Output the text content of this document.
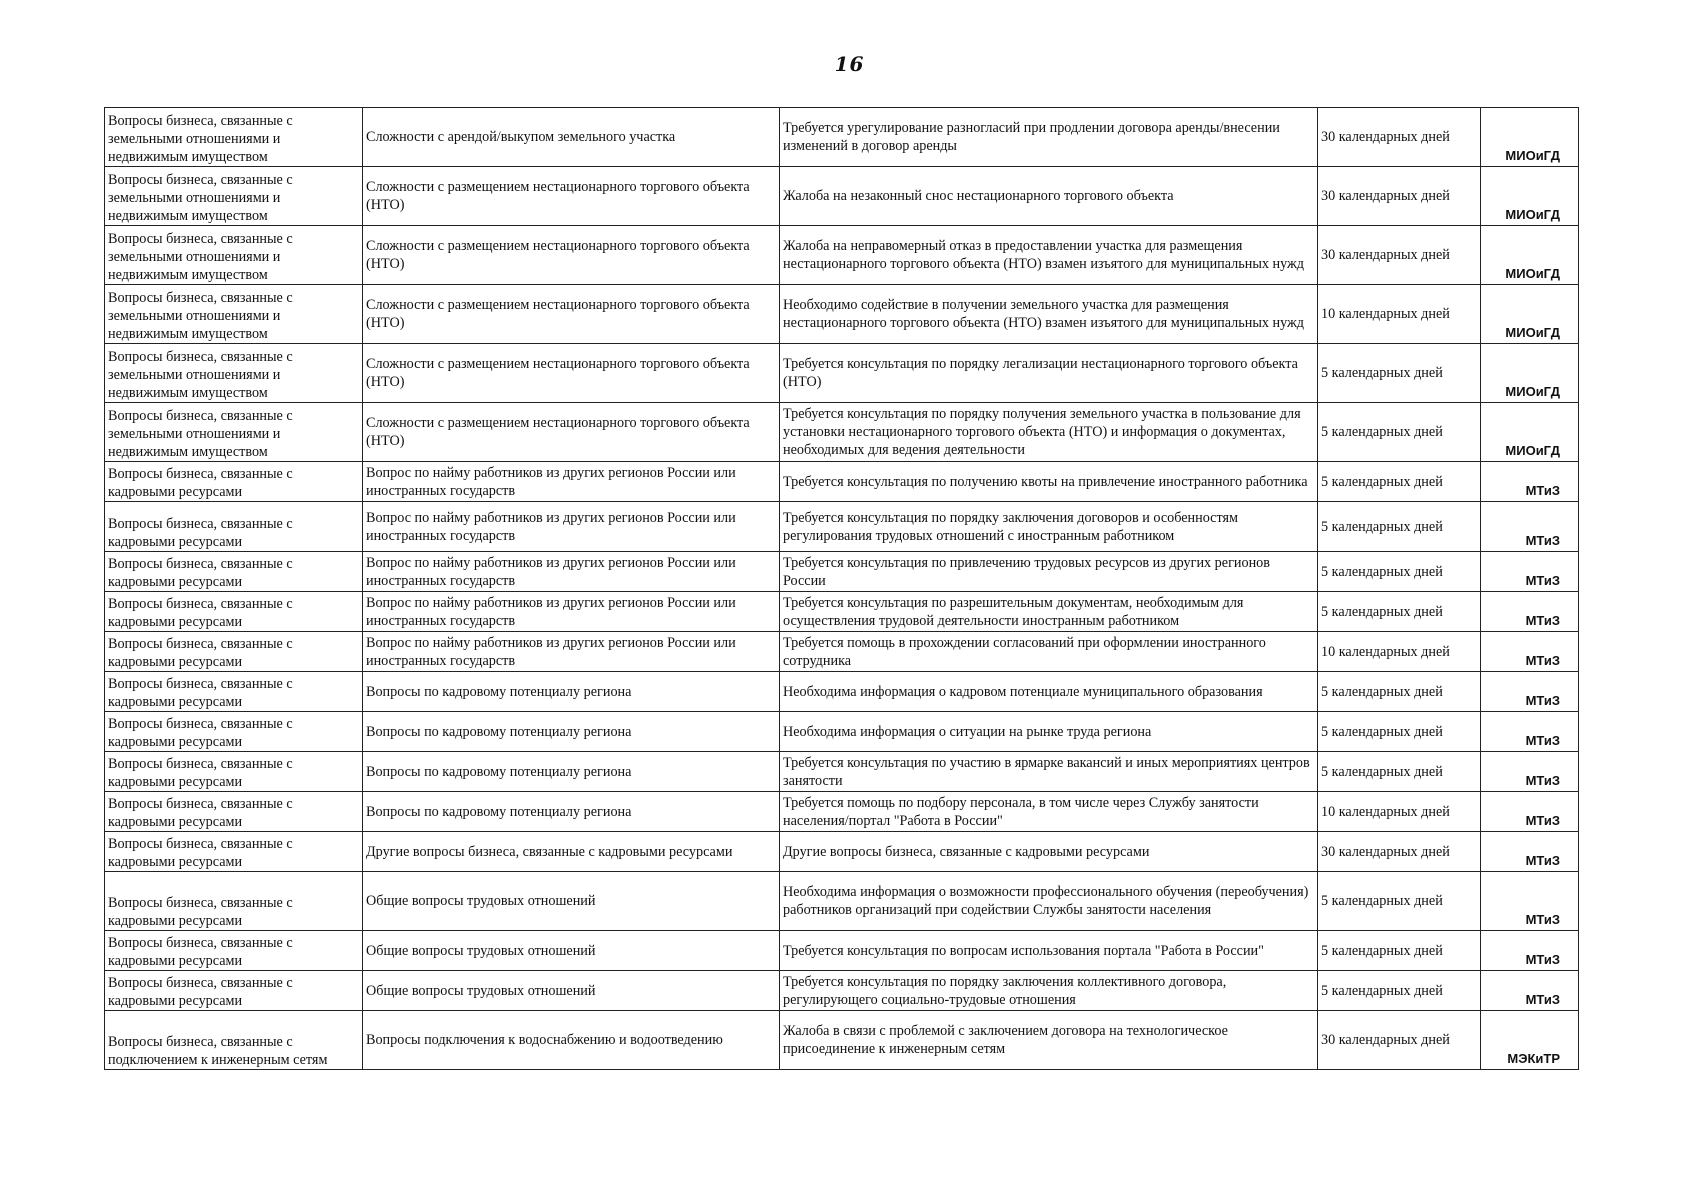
16
Вопросы бизнеса, связанные с земельными отношениями и недвижимым имуществом	Сложности с арендой/выкупом земельного участка	Требуется урегулирование разногласий при продлении договора аренды/внесении изменений в договор аренды	30 календарных дней	МИОиГД
Вопросы бизнеса, связанные с земельными отношениями и недвижимым имуществом	Сложности с размещением нестационарного торгового объекта (НТО)	Жалоба на незаконный снос нестационарного торгового объекта	30 календарных дней	МИОиГД
Вопросы бизнеса, связанные с земельными отношениями и недвижимым имуществом	Сложности с размещением нестационарного торгового объекта (НТО)	Жалоба на неправомерный отказ в предоставлении участка для размещения нестационарного торгового объекта (НТО) взамен изъятого для муниципальных нужд	30 календарных дней	МИОиГД
Вопросы бизнеса, связанные с земельными отношениями и недвижимым имуществом	Сложности с размещением нестационарного торгового объекта (НТО)	Необходимо содействие в получении земельного участка для размещения нестационарного торгового объекта (НТО) взамен изъятого для муниципальных нужд	10 календарных дней	МИОиГД
Вопросы бизнеса, связанные с земельными отношениями и недвижимым имуществом	Сложности с размещением нестационарного торгового объекта (НТО)	Требуется консультация по порядку легализации нестационарного торгового объекта (НТО)	5 календарных дней	МИОиГД
Вопросы бизнеса, связанные с земельными отношениями и недвижимым имуществом	Сложности с размещением нестационарного торгового объекта (НТО)	Требуется консультация по порядку получения земельного участка в пользование для установки нестационарного торгового объекта (НТО) и информация о документах, необходимых для ведения деятельности	5 календарных дней	МИОиГД
Вопросы бизнеса, связанные с кадровыми ресурсами	Вопрос по найму работников из других регионов России или иностранных государств	Требуется консультация по получению квоты на привлечение иностранного работника	5 календарных дней	МТиЗ
Вопросы бизнеса, связанные с кадровыми ресурсами	Вопрос по найму работников из других регионов России или иностранных государств	Требуется консультация по порядку заключения договоров и особенностям регулирования трудовых отношений с иностранным работником	5 календарных дней	МТиЗ
Вопросы бизнеса, связанные с кадровыми ресурсами	Вопрос по найму работников из других регионов России или иностранных государств	Требуется консультация по привлечению трудовых ресурсов из других регионов России	5 календарных дней	МТиЗ
Вопросы бизнеса, связанные с кадровыми ресурсами	Вопрос по найму работников из других регионов России или иностранных государств	Требуется консультация по разрешительным документам, необходимым для осуществления трудовой деятельности иностранным работником	5 календарных дней	МТиЗ
Вопросы бизнеса, связанные с кадровыми ресурсами	Вопрос по найму работников из других регионов России или иностранных государств	Требуется помощь в прохождении согласований при оформлении иностранного сотрудника	10 календарных дней	МТиЗ
Вопросы бизнеса, связанные с кадровыми ресурсами	Вопросы по кадровому потенциалу региона	Необходима информация о кадровом потенциале муниципального образования	5 календарных дней	МТиЗ
Вопросы бизнеса, связанные с кадровыми ресурсами	Вопросы по кадровому потенциалу региона	Необходима информация о ситуации на рынке труда региона	5 календарных дней	МТиЗ
Вопросы бизнеса, связанные с кадровыми ресурсами	Вопросы по кадровому потенциалу региона	Требуется консультация по участию в ярмарке вакансий и иных мероприятиях центров занятости	5 календарных дней	МТиЗ
Вопросы бизнеса, связанные с кадровыми ресурсами	Вопросы по кадровому потенциалу региона	Требуется помощь по подбору персонала, в том числе через Службу занятости населения/портал "Работа в России"	10 календарных дней	МТиЗ
Вопросы бизнеса, связанные с кадровыми ресурсами	Другие вопросы бизнеса, связанные с кадровыми ресурсами	Другие вопросы бизнеса, связанные с кадровыми ресурсами	30 календарных дней	МТиЗ
Вопросы бизнеса, связанные с кадровыми ресурсами	Общие вопросы трудовых отношений	Необходима информация о возможности профессионального обучения (переобучения) работников организаций при содействии Службы занятости населения	5 календарных дней	МТиЗ
Вопросы бизнеса, связанные с кадровыми ресурсами	Общие вопросы трудовых отношений	Требуется консультация по вопросам использования портала "Работа в России"	5 календарных дней	МТиЗ
Вопросы бизнеса, связанные с кадровыми ресурсами	Общие вопросы трудовых отношений	Требуется консультация по порядку заключения коллективного договора, регулирующего социально-трудовые отношения	5 календарных дней	МТиЗ
Вопросы бизнеса, связанные с подключением к инженерным сетям	Вопросы подключения к водоснабжению и водоотведению	Жалоба в связи с проблемой с заключением договора на технологическое присоединение к инженерным сетям	30 календарных дней	МЭКиТР
